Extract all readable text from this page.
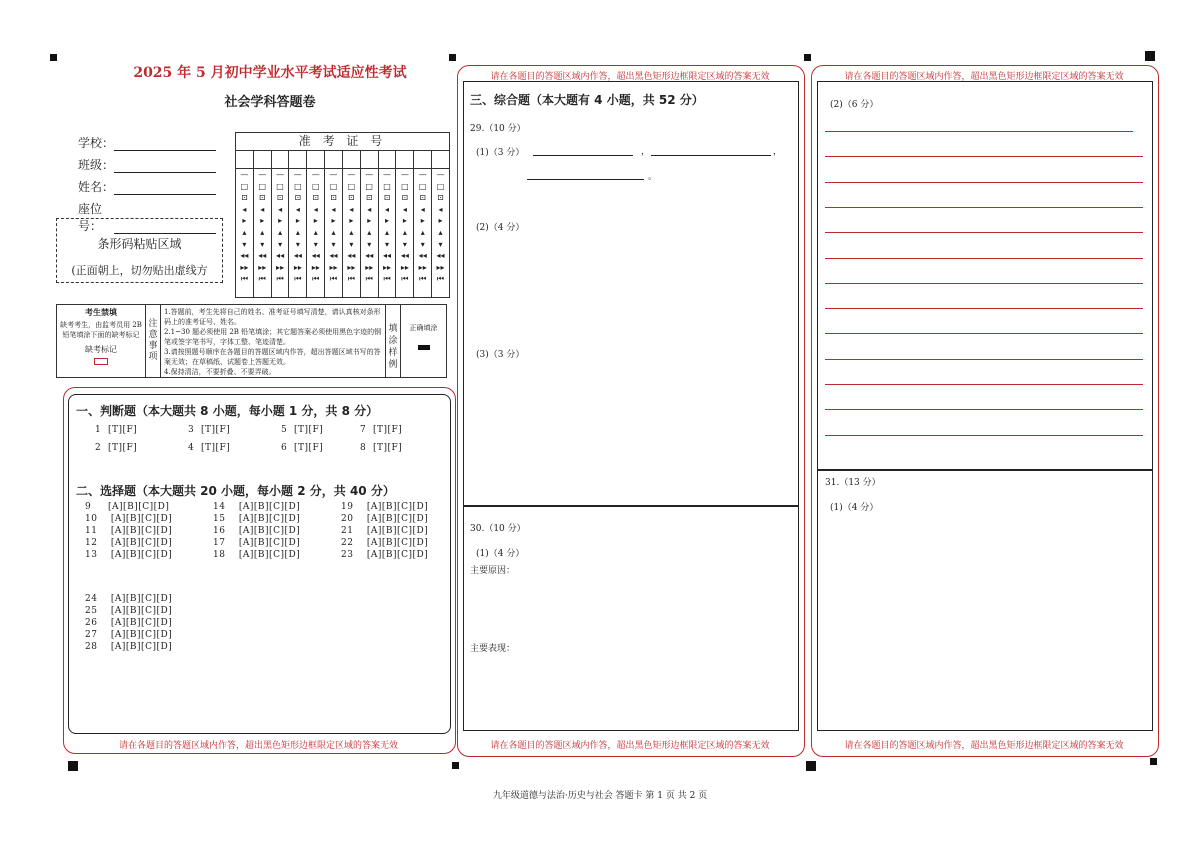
2025 年 5 月初中学业水平考试适应性考试
社会学科答题卷
学校：
班级：
姓名：
座位号：
条形码粘贴区域
(正面朝上，切勿贴出虚线方
准 考 证 号
—
□
⊡
◂
▸
▴
▾
◂◂
▸▸
⏮
—
□
⊡
◂
▸
▴
▾
◂◂
▸▸
⏮
—
□
⊡
◂
▸
▴
▾
◂◂
▸▸
⏮
—
□
⊡
◂
▸
▴
▾
◂◂
▸▸
⏮
—
□
⊡
◂
▸
▴
▾
◂◂
▸▸
⏮
—
□
⊡
◂
▸
▴
▾
◂◂
▸▸
⏮
—
□
⊡
◂
▸
▴
▾
◂◂
▸▸
⏮
—
□
⊡
◂
▸
▴
▾
◂◂
▸▸
⏮
—
□
⊡
◂
▸
▴
▾
◂◂
▸▸
⏮
—
□
⊡
◂
▸
▴
▾
◂◂
▸▸
⏮
—
□
⊡
◂
▸
▴
▾
◂◂
▸▸
⏮
—
□
⊡
◂
▸
▴
▾
◂◂
▸▸
⏮
考生禁填
缺考考生，由监考员用 2B 铅笔填涂下面的缺考标记
缺考标记
注意事项
1.答题前，考生先将自己的姓名、准考证号填写清楚，请认真核对条形码上的准考证号、姓名。
2.1~30 题必须使用 2B 铅笔填涂；其它题答案必须使用黑色字迹的钢笔或签字笔书写，字体工整、笔迹清楚。
3.请按照题号顺序在各题目的答题区域内作答，超出答题区域书写的答案无效；在草稿纸、试题卷上答题无效。
4.保持清洁，不要折叠、不要弄破。
填涂样例
正确填涂
请在各题目的答题区域内作答，超出黑色矩形边框限定区域的答案无效
一、判断题（本大题共 8 小题，每小题 1 分，共 8 分）
1  [T][F]	3  [T][F]	5  [T][F]	7  [T][F]
2  [T][F]	4  [T][F]	6  [T][F]	8  [T][F]
二、选择题（本大题共 20 小题，每小题 2 分，共 40 分）
9     [A][B][C][D]	14    [A][B][C][D]	19    [A][B][C][D]
10    [A][B][C][D]	15    [A][B][C][D]	20    [A][B][C][D]
11    [A][B][C][D]	16    [A][B][C][D]	21    [A][B][C][D]
12    [A][B][C][D]	17    [A][B][C][D]	22    [A][B][C][D]
13    [A][B][C][D]	18    [A][B][C][D]	23    [A][B][C][D]
24    [A][B][C][D]
25    [A][B][C][D]
26    [A][B][C][D]
27    [A][B][C][D]
28    [A][B][C][D]
请在各题目的答题区域内作答，超出黑色矩形边框限定区域的答案无效
请在各题目的答题区域内作答，超出黑色矩形边框限定区域的答案无效
三、综合题（本大题有 4 小题，共 52 分）
29.（10 分）
(1)（3 分）	，	，
。
(2)（4 分）
(3)（3 分）
30.（10 分）
(1)（4 分）
主要原因：
主要表现：
请在各题目的答题区域内作答，超出黑色矩形边框限定区域的答案无效
请在各题目的答题区域内作答，超出黑色矩形边框限定区域的答案无效
(2)（6 分）
31.（13 分）
(1)（4 分）
九年级道德与法治·历史与社会 答题卡 第 1 页 共 2 页
